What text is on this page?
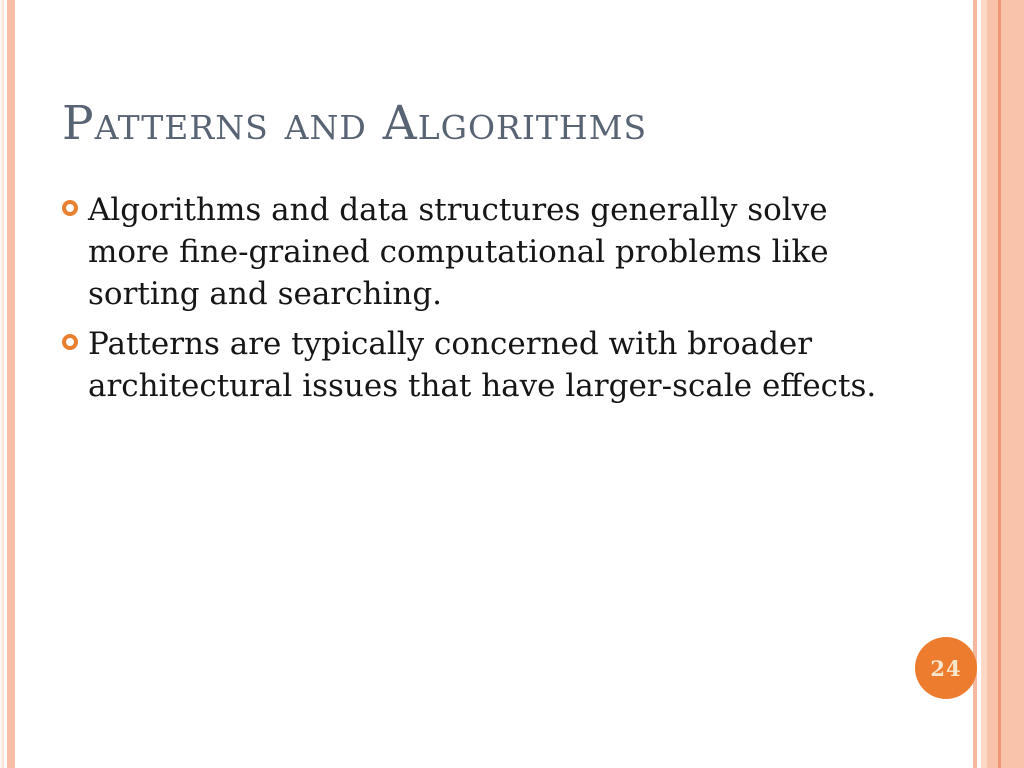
Patterns and Algorithms
Algorithms and data structures generally solve
more fine-grained computational problems like
sorting and searching.
Patterns are typically concerned with broader
architectural issues that have larger-scale effects.
24
